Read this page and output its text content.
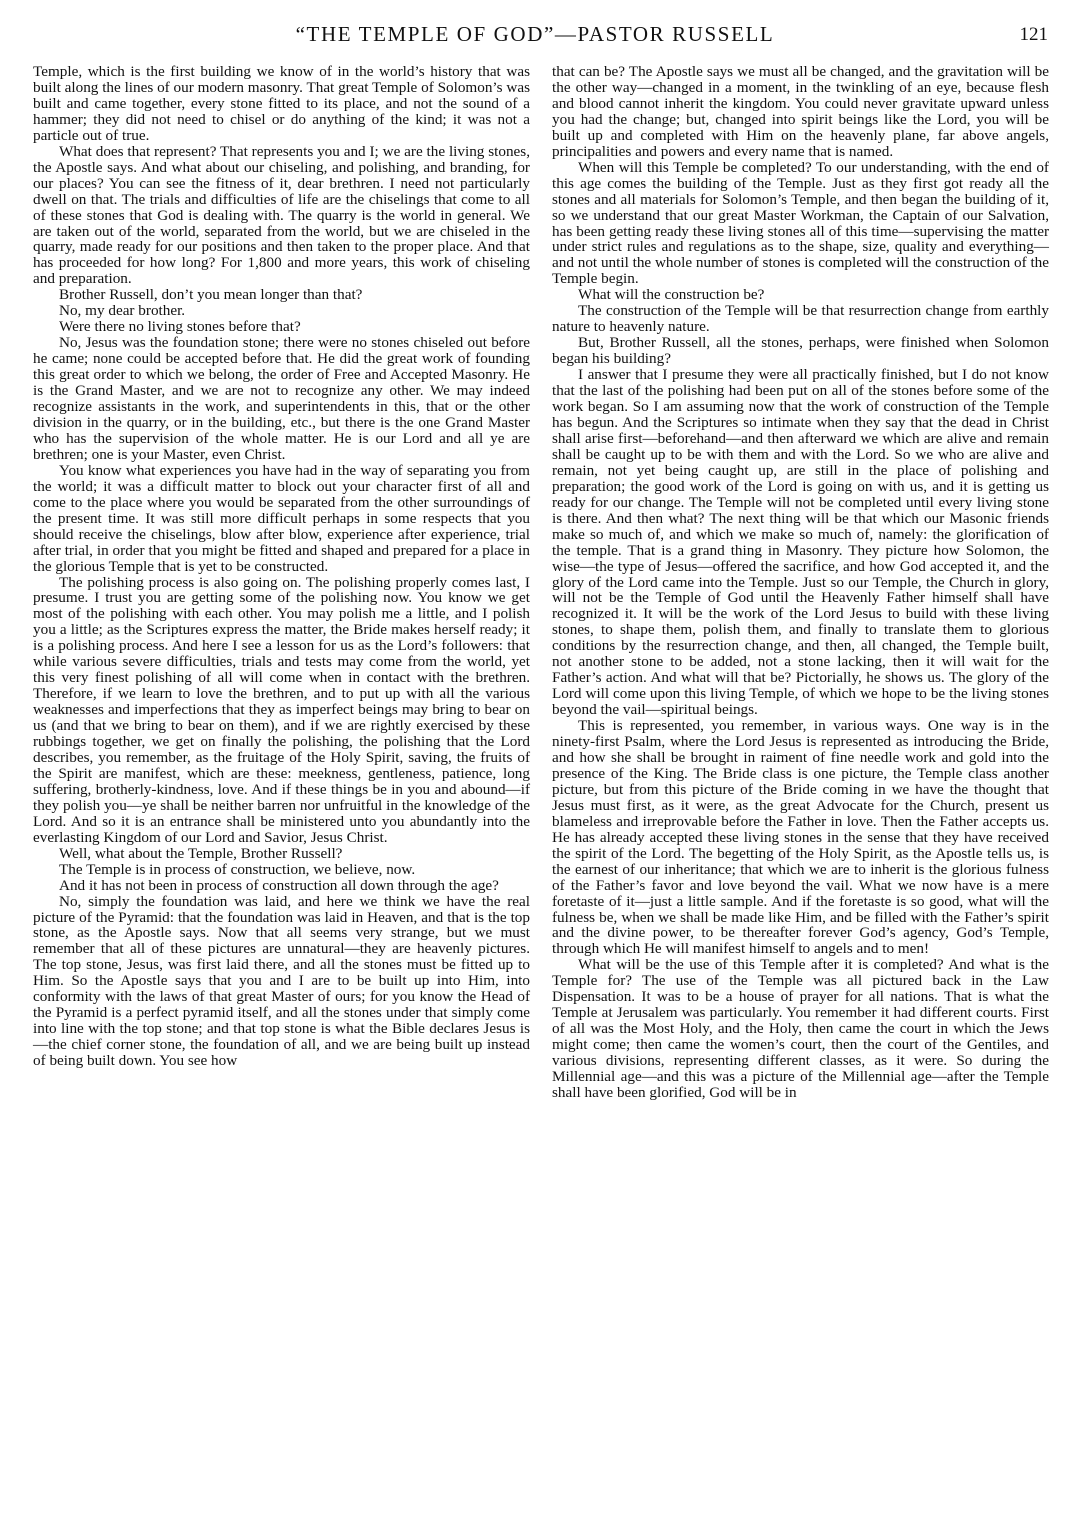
“THE TEMPLE OF GOD”—PASTOR RUSSELL	121

Temple, which is the first building we know of in the world’s history that was built along the lines of our modern masonry. That great Temple of Solomon’s was built and came together, every stone fitted to its place, and not the sound of a hammer; they did not need to chisel or do anything of the kind; it was not a particle out of true.

What does that represent? That represents you and I; we are the living stones, the Apostle says. And what about our chiseling, and polishing, and branding, for our places? You can see the fitness of it, dear brethren. I need not particularly dwell on that. The trials and difficulties of life are the chiselings that come to all of these stones that God is dealing with. The quarry is the world in general. We are taken out of the world, separated from the world, but we are chiseled in the quarry, made ready for our positions and then taken to the proper place. And that has proceeded for how long? For 1,800 and more years, this work of chiseling and preparation.

Brother Russell, don’t you mean longer than that?

No, my dear brother.

Were there no living stones before that?

No, Jesus was the foundation stone; there were no stones chiseled out before he came; none could be accepted before that. He did the great work of founding this great order to which we belong, the order of Free and Accepted Masonry. He is the Grand Master, and we are not to recognize any other. We may indeed recognize assistants in the work, and superintendents in this, that or the other division in the quarry, or in the building, etc., but there is the one Grand Master who has the supervision of the whole matter. He is our Lord and all ye are brethren; one is your Master, even Christ.

You know what experiences you have had in the way of separating you from the world; it was a difficult matter to block out your character first of all and come to the place where you would be separated from the other surroundings of the present time. It was still more difficult perhaps in some respects that you should receive the chiselings, blow after blow, experience after experience, trial after trial, in order that you might be fitted and shaped and prepared for a place in the glorious Temple that is yet to be constructed.

The polishing process is also going on. The polishing properly comes last, I presume. I trust you are getting some of the polishing now. You know we get most of the polishing with each other. You may polish me a little, and I polish you a little; as the Scriptures express the matter, the Bride makes herself ready; it is a polishing process. And here I see a lesson for us as the Lord’s followers: that while various severe difficulties, trials and tests may come from the world, yet this very finest polishing of all will come when in contact with the brethren. Therefore, if we learn to love the brethren, and to put up with all the various weaknesses and imperfections that they as imperfect beings may bring to bear on us (and that we bring to bear on them), and if we are rightly exercised by these rubbings together, we get on finally the polishing, the polishing that the Lord describes, you remember, as the fruitage of the Holy Spirit, saving, the fruits of the Spirit are manifest, which are these: meekness, gentleness, patience, long suffering, brotherly-kindness, love. And if these things be in you and abound—if they polish you—ye shall be neither barren nor unfruitful in the knowledge of the Lord. And so it is an entrance shall be ministered unto you abundantly into the everlasting Kingdom of our Lord and Savior, Jesus Christ.

Well, what about the Temple, Brother Russell?

The Temple is in process of construction, we believe, now.

And it has not been in process of construction all down through the age?

No, simply the foundation was laid, and here we think we have the real picture of the Pyramid: that the foundation was laid in Heaven, and that is the top stone, as the Apostle says. Now that all seems very strange, but we must remember that all of these pictures are unnatural—they are heavenly pictures. The top stone, Jesus, was first laid there, and all the stones must be fitted up to Him. So the Apostle says that you and I are to be built up into Him, into conformity with the laws of that great Master of ours; for you know the Head of the Pyramid is a perfect pyramid itself, and all the stones under that simply come into line with the top stone; and that top stone is what the Bible declares Jesus is—the chief corner stone, the foundation of all, and we are being built up instead of being built down. You see how

that can be? The Apostle says we must all be changed, and the gravitation will be the other way—changed in a moment, in the twinkling of an eye, because flesh and blood cannot inherit the kingdom. You could never gravitate upward unless you had the change; but, changed into spirit beings like the Lord, you will be built up and completed with Him on the heavenly plane, far above angels, principalities and powers and every name that is named.

When will this Temple be completed? To our understanding, with the end of this age comes the building of the Temple. Just as they first got ready all the stones and all materials for Solomon’s Temple, and then began the building of it, so we understand that our great Master Workman, the Captain of our Salvation, has been getting ready these living stones all of this time—supervising the matter under strict rules and regulations as to the shape, size, quality and everything—and not until the whole number of stones is completed will the construction of the Temple begin.

What will the construction be?

The construction of the Temple will be that resurrection change from earthly nature to heavenly nature.

But, Brother Russell, all the stones, perhaps, were finished when Solomon began his building?

I answer that I presume they were all practically finished, but I do not know that the last of the polishing had been put on all of the stones before some of the work began. So I am assuming now that the work of construction of the Temple has begun. And the Scriptures so intimate when they say that the dead in Christ shall arise first—beforehand—and then afterward we which are alive and remain shall be caught up to be with them and with the Lord. So we who are alive and remain, not yet being caught up, are still in the place of polishing and preparation; the good work of the Lord is going on with us, and it is getting us ready for our change. The Temple will not be completed until every living stone is there. And then what? The next thing will be that which our Masonic friends make so much of, and which we make so much of, namely: the glorification of the temple. That is a grand thing in Masonry. They picture how Solomon, the wise—the type of Jesus—offered the sacrifice, and how God accepted it, and the glory of the Lord came into the Temple. Just so our Temple, the Church in glory, will not be the Temple of God until the Heavenly Father himself shall have recognized it. It will be the work of the Lord Jesus to build with these living stones, to shape them, polish them, and finally to translate them to glorious conditions by the resurrection change, and then, all changed, the Temple built, not another stone to be added, not a stone lacking, then it will wait for the Father’s action. And what will that be? Pictorially, he shows us. The glory of the Lord will come upon this living Temple, of which we hope to be the living stones beyond the vail—spiritual beings.

This is represented, you remember, in various ways. One way is in the ninety-first Psalm, where the Lord Jesus is represented as introducing the Bride, and how she shall be brought in raiment of fine needle work and gold into the presence of the King. The Bride class is one picture, the Temple class another picture, but from this picture of the Bride coming in we have the thought that Jesus must first, as it were, as the great Advocate for the Church, present us blameless and irreprovable before the Father in love. Then the Father accepts us. He has already accepted these living stones in the sense that they have received the spirit of the Lord. The begetting of the Holy Spirit, as the Apostle tells us, is the earnest of our inheritance; that which we are to inherit is the glorious fulness of the Father’s favor and love beyond the vail. What we now have is a mere foretaste of it—just a little sample. And if the foretaste is so good, what will the fulness be, when we shall be made like Him, and be filled with the Father’s spirit and the divine power, to be thereafter forever God’s agency, God’s Temple, through which He will manifest himself to angels and to men!

What will be the use of this Temple after it is completed? And what is the Temple for? The use of the Temple was all pictured back in the Law Dispensation. It was to be a house of prayer for all nations. That is what the Temple at Jerusalem was particularly. You remember it had different courts. First of all was the Most Holy, and the Holy, then came the court in which the Jews might come; then came the women’s court, then the court of the Gentiles, and various divisions, representing different classes, as it were. So during the Millennial age—and this was a picture of the Millennial age—after the Temple shall have been glorified, God will be in
